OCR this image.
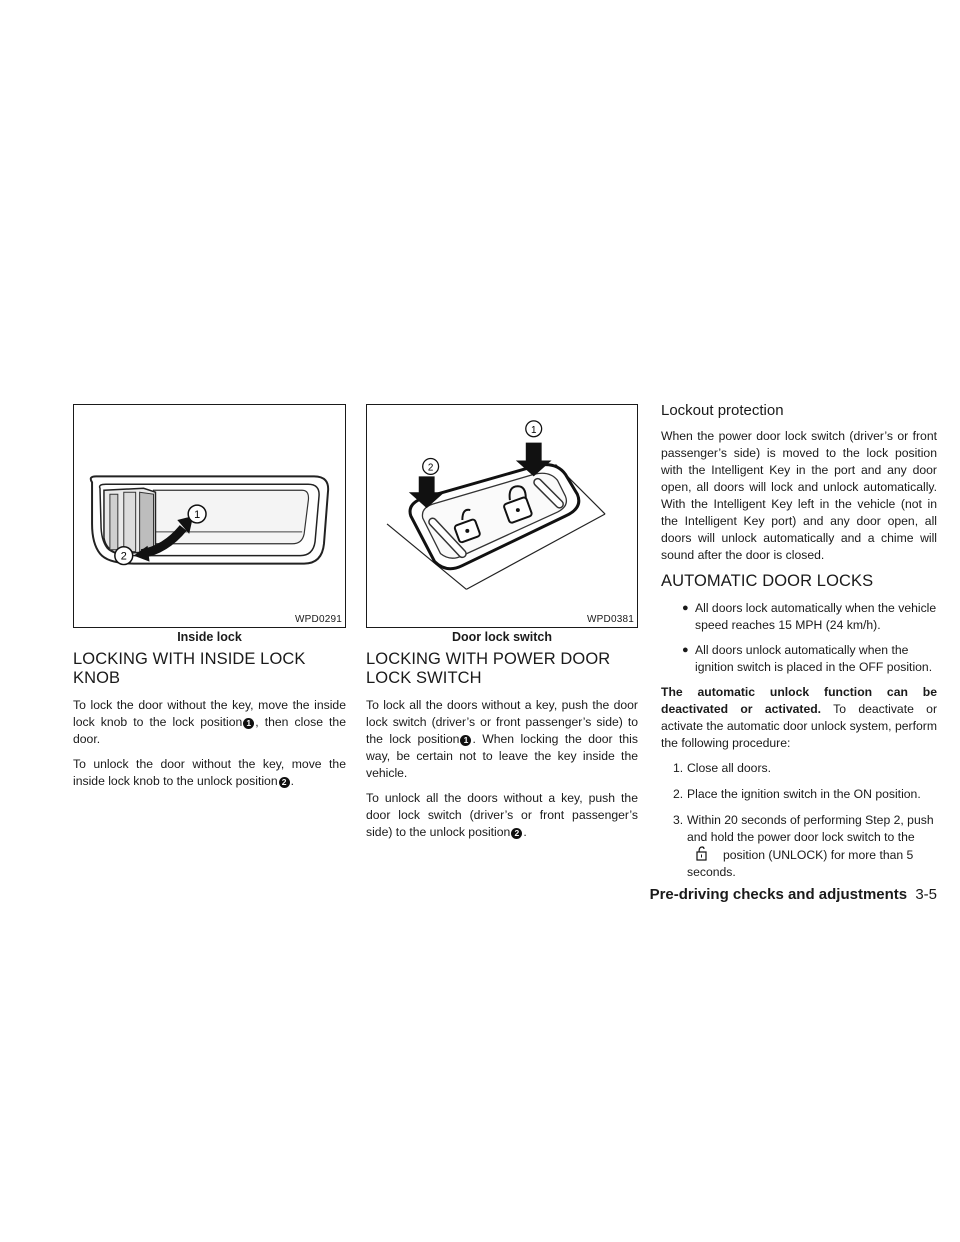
1
2
WPD0291
Inside lock
LOCKING WITH INSIDE LOCK KNOB

To lock the door without the key, move the inside lock knob to the lock position 1 , then close the door.

To unlock the door without the key, move the inside lock knob to the unlock position 2 .

2
1
WPD0381
Door lock switch
LOCKING WITH POWER DOOR LOCK SWITCH

To lock all the doors without a key, push the door lock switch (driver’s or front passenger’s side) to the lock position 1 . When locking the door this way, be certain not to leave the key inside the vehicle.

To unlock all the doors without a key, push the door lock switch (driver’s or front passenger’s side) to the unlock position 2 .

Lockout protection

When the power door lock switch (driver’s or front passenger’s side) is moved to the lock position with the Intelligent Key in the port and any door open, all doors will lock and unlock automatically. With the Intelligent Key left in the vehicle (not in the Intelligent Key port) and any door open, all doors will unlock automatically and a chime will sound after the door is closed.

AUTOMATIC DOOR LOCKS
● All doors lock automatically when the vehicle speed reaches 15 MPH (24 km/h).
● All doors unlock automatically when the ignition switch is placed in the OFF position.

The automatic unlock function can be deactivated or activated. To deactivate or activate the automatic door unlock system, perform the following procedure:

1. Close all doors.
2. Place the ignition switch in the ON position.
3. Within 20 seconds of performing Step 2, push and hold the power door lock switch to the position (UNLOCK) for more than 5 seconds.
Pre-driving checks and adjustments 3-5
